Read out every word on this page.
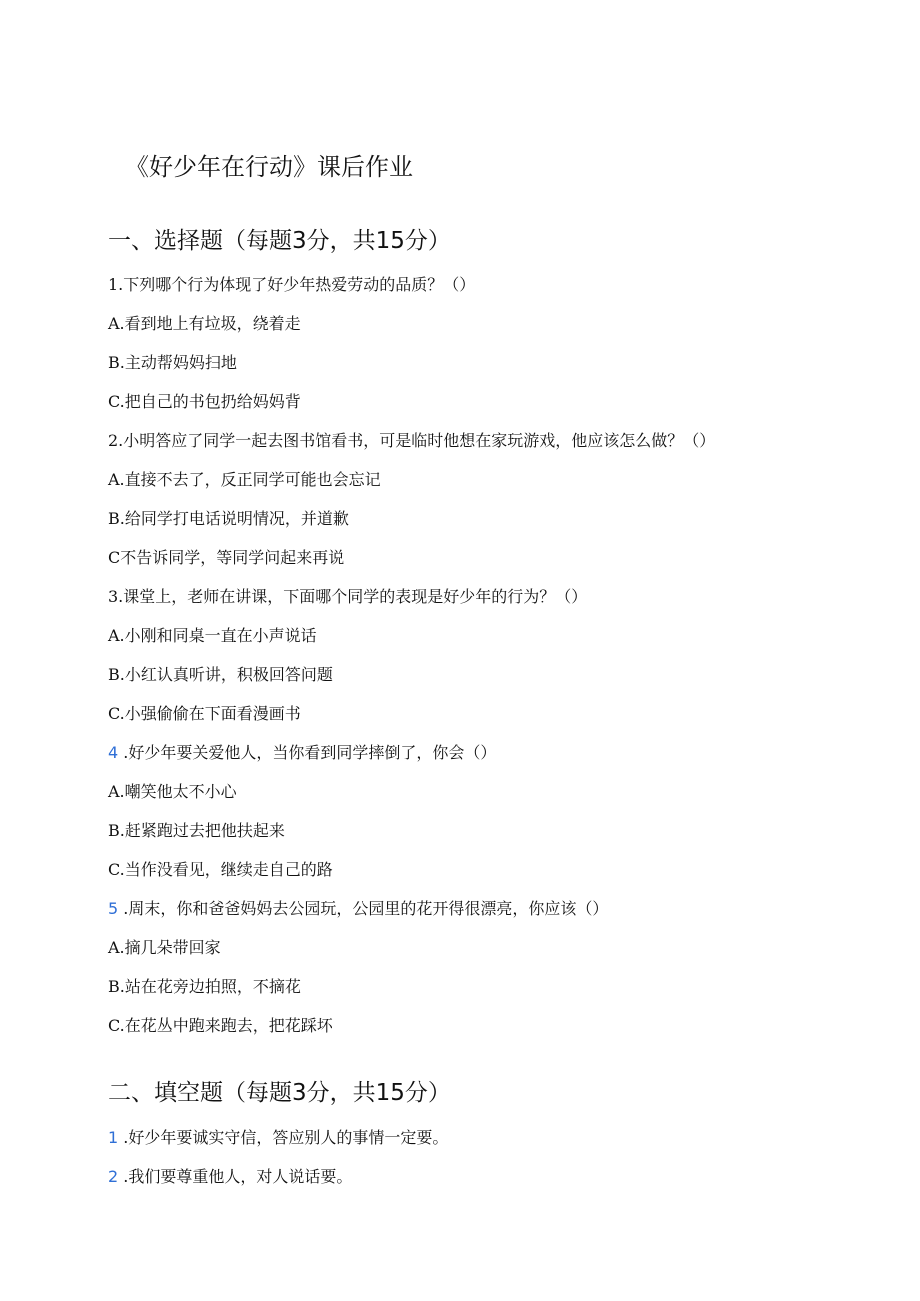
《好少年在行动》课后作业
一、选择题（每题3分，共15分）
1.下列哪个行为体现了好少年热爱劳动的品质？（）
A.看到地上有垃圾，绕着走
B.主动帮妈妈扫地
C.把自己的书包扔给妈妈背
2.小明答应了同学一起去图书馆看书，可是临时他想在家玩游戏，他应该怎么做？（）
A.直接不去了，反正同学可能也会忘记
B.给同学打电话说明情况，并道歉
C不告诉同学，等同学问起来再说
3.课堂上，老师在讲课，下面哪个同学的表现是好少年的行为？（）
A.小刚和同桌一直在小声说话
B.小红认真听讲，积极回答问题
C.小强偷偷在下面看漫画书
4 .好少年要关爱他人，当你看到同学摔倒了，你会（）
A.嘲笑他太不小心
B.赶紧跑过去把他扶起来
C.当作没看见，继续走自己的路
5 .周末，你和爸爸妈妈去公园玩，公园里的花开得很漂亮，你应该（）
A.摘几朵带回家
B.站在花旁边拍照，不摘花
C.在花丛中跑来跑去，把花踩坏
二、填空题（每题3分，共15分）
1 .好少年要诚实守信，答应别人的事情一定要。
2 .我们要尊重他人，对人说话要。
